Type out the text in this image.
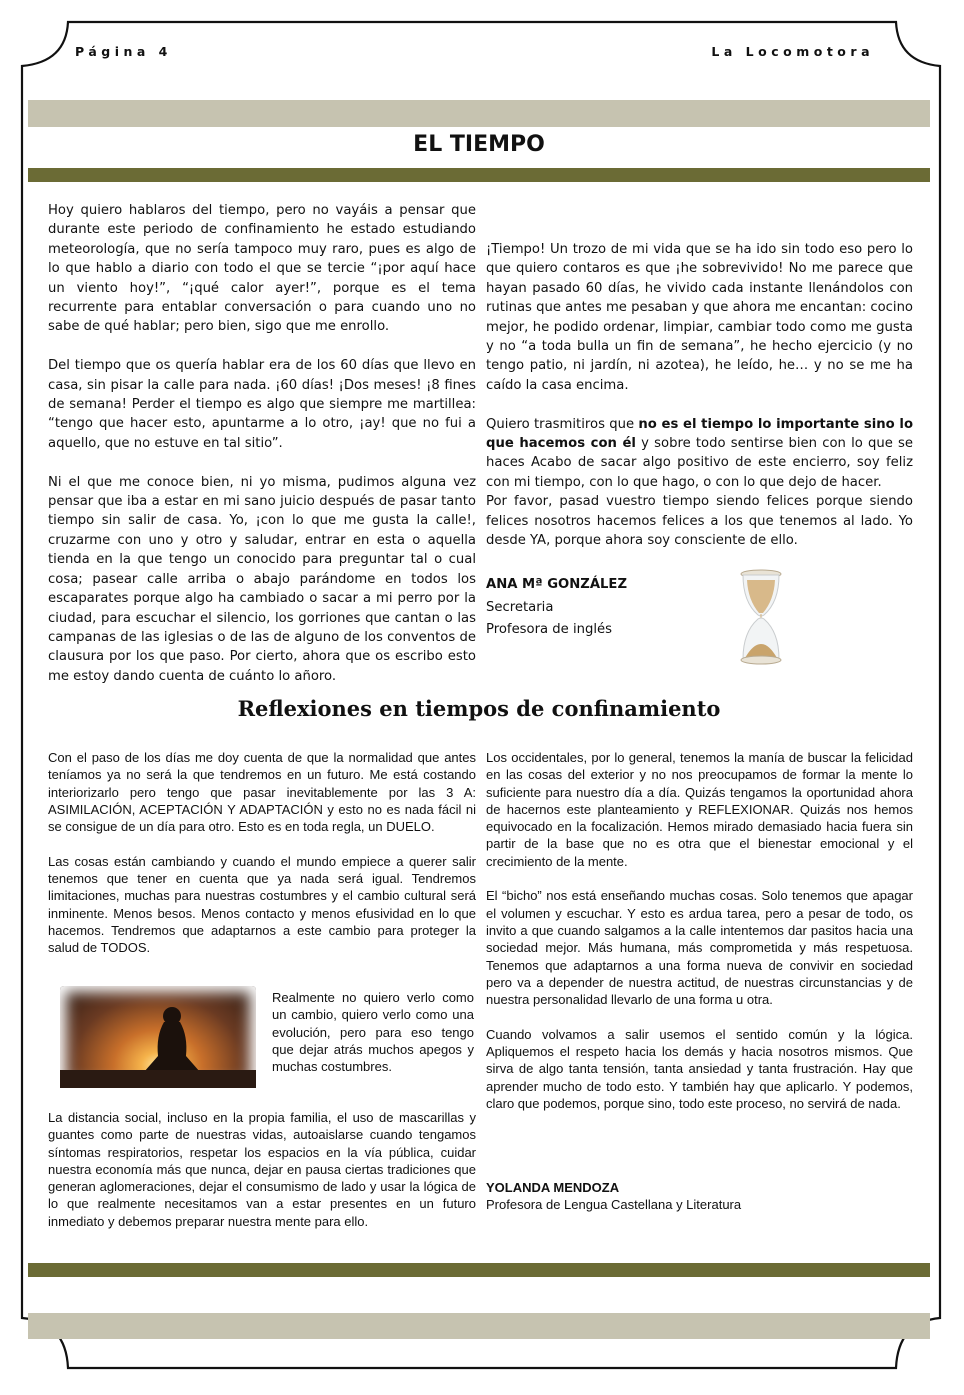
Página 4	La Locomotora
EL TIEMPO

Hoy quiero hablaros del tiempo, pero no vayáis a pensar que durante este periodo de confinamiento he estado estudiando meteorología, que no sería tampoco muy raro, pues es algo de lo que hablo a diario con todo el que se tercie “¡por aquí hace un viento hoy!”, “¡qué calor ayer!”, porque es el tema recurrente para entablar conversación o para cuando uno no sabe de qué hablar; pero bien, sigo que me enrollo.

Del tiempo que os quería hablar era de los 60 días que llevo en casa, sin pisar la calle para nada. ¡60 días! ¡Dos meses! ¡8 fines de semana! Perder el tiempo es algo que siempre me martillea: “tengo que hacer esto, apuntarme a lo otro, ¡ay! que no fui a aquello, que no estuve en tal sitio”.

Ni el que me conoce bien, ni yo misma, pudimos alguna vez pensar que iba a estar en mi sano juicio después de pasar tanto tiempo sin salir de casa. Yo, ¡con lo que me gusta la calle!, cruzarme con uno y otro y saludar, entrar en esta o aquella tienda en la que tengo un conocido para preguntar tal o cual cosa; pasear calle arriba o abajo parándome en todos los escaparates porque algo ha cambiado o sacar a mi perro por la ciudad, para escuchar el silencio, los gorriones que cantan o las campanas de las iglesias o de las de alguno de los conventos de clausura por los que paso. Por cierto, ahora que os escribo esto me estoy dando cuenta de cuánto lo añoro.

¡Tiempo! Un trozo de mi vida que se ha ido sin todo eso pero lo que quiero contaros es que ¡he sobrevivido! No me parece que hayan pasado 60 días, he vivido cada instante llenándolos con rutinas que antes me pesaban y que ahora me encantan: cocino mejor, he podido ordenar, limpiar, cambiar todo como me gusta y no “a toda bulla un fin de semana”, he hecho ejercicio (y no tengo patio, ni jardín, ni azotea), he leído, he… y no se me ha caído la casa encima.

Quiero trasmitiros que no es el tiempo lo importante sino lo que hacemos con él y sobre todo sentirse bien con lo que se haces Acabo de sacar algo positivo de este encierro, soy feliz con mi tiempo, con lo que hago, o con lo que dejo de hacer.

Por favor, pasad vuestro tiempo siendo felices porque siendo felices nosotros hacemos felices a los que tenemos al lado. Yo desde YA, porque ahora soy consciente de ello.

ANA Mª GONZÁLEZ
Secretaria
Profesora de inglés
Reflexiones en tiempos de confinamiento

Con el paso de los días me doy cuenta de que la normalidad que antes teníamos ya no será la que tendremos en un futuro. Me está costando interiorizarlo pero tengo que pasar inevitablemente por las 3 A: ASIMILACIÓN, ACEPTACIÓN Y ADAPTACIÓN y esto no es nada fácil ni se consigue de un día para otro. Esto es en toda regla, un DUELO.

Las cosas están cambiando y cuando el mundo empiece a querer salir tenemos que tener en cuenta que ya nada será igual. Tendremos limitaciones, muchas para nuestras costumbres y el cambio cultural será inminente. Menos besos. Menos contacto y menos efusividad en lo que hacemos. Tendremos que adaptarnos a este cambio para proteger la salud de TODOS.

Realmente no quiero verlo como un cambio, quiero verlo como una evolución, pero para eso tengo que dejar atrás muchos apegos y muchas costumbres.
La distancia social, incluso en la propia familia, el uso de mascarillas y guantes como parte de nuestras vidas, autoaislarse cuando tengamos síntomas respiratorios, respetar los espacios en la vía pública, cuidar nuestra economía más que nunca, dejar en pausa ciertas tradiciones que generan aglomeraciones, dejar el consumismo de lado y usar la lógica de lo que realmente necesitamos van a estar presentes en un futuro inmediato y debemos preparar nuestra mente para ello.

Los occidentales, por lo general, tenemos la manía de buscar la felicidad en las cosas del exterior y no nos preocupamos de formar la mente lo suficiente para nuestro día a día. Quizás tengamos la oportunidad ahora de hacernos este planteamiento y REFLEXIONAR. Quizás nos hemos equivocado en la focalización. Hemos mirado demasiado hacia fuera sin partir de la base que no es otra que el bienestar emocional y el crecimiento de la mente.

El “bicho” nos está enseñando muchas cosas. Solo tenemos que apagar el volumen y escuchar. Y esto es ardua tarea, pero a pesar de todo, os invito a que cuando salgamos a la calle intentemos dar pasitos hacia una sociedad mejor. Más humana, más comprometida y más respetuosa. Tenemos que adaptarnos a una forma nueva de convivir en sociedad pero va a depender de nuestra actitud, de nuestras circunstancias y de nuestra personalidad llevarlo de una forma u otra.

Cuando volvamos a salir usemos el sentido común y la lógica. Apliquemos el respeto hacia los demás y hacia nosotros mismos. Que sirva de algo tanta tensión, tanta ansiedad y tanta frustración. Hay que aprender mucho de todo esto. Y también hay que aplicarlo. Y podemos, claro que podemos, porque sino, todo este proceso, no servirá de nada.

YOLANDA MENDOZA
Profesora de Lengua Castellana y Literatura
